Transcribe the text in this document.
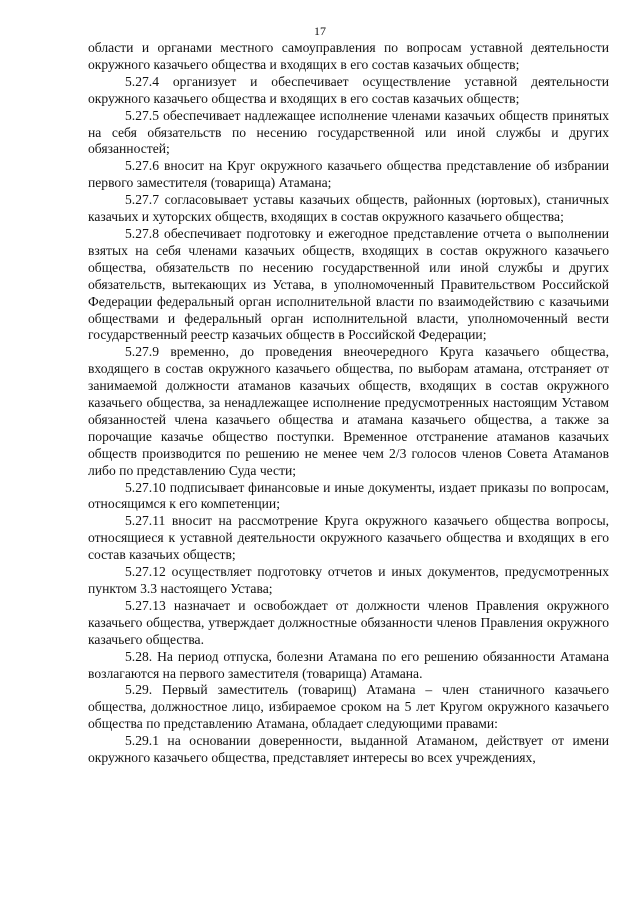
17

области и органами местного самоуправления по вопросам уставной деятельности окружного казачьего общества и входящих в его состав казачьих обществ;

5.27.4 организует и обеспечивает осуществление уставной деятельности окружного казачьего общества и входящих в его состав казачьих обществ;

5.27.5 обеспечивает надлежащее исполнение членами казачьих обществ принятых на себя обязательств по несению государственной или иной службы и других обязанностей;

5.27.6 вносит на Круг окружного казачьего общества представление об избрании первого заместителя (товарища) Атамана;

5.27.7 согласовывает уставы казачьих обществ, районных (юртовых), станичных казачьих и хуторских обществ, входящих в состав окружного казачьего общества;

5.27.8 обеспечивает подготовку и ежегодное представление отчета о выполнении взятых на себя членами казачьих обществ, входящих в состав окружного казачьего общества, обязательств по несению государственной или иной службы и других обязательств, вытекающих из Устава, в уполномоченный Правительством Российской Федерации федеральный орган исполнительной власти по взаимодействию с казачьими обществами и федеральный орган исполнительной власти, уполномоченный вести государственный реестр казачьих обществ в Российской Федерации;

5.27.9 временно, до проведения внеочередного Круга казачьего общества, входящего в состав окружного казачьего общества, по выборам атамана, отстраняет от занимаемой должности атаманов казачьих обществ, входящих в состав окружного казачьего общества, за ненадлежащее исполнение предусмотренных настоящим Уставом обязанностей члена казачьего общества и атамана казачьего общества, а также за порочащие казачье общество поступки. Временное отстранение атаманов казачьих обществ производится по решению не менее чем 2/3 голосов членов Совета Атаманов либо по представлению Суда чести;

5.27.10 подписывает финансовые и иные документы, издает приказы по вопросам, относящимся к его компетенции;

5.27.11 вносит на рассмотрение Круга окружного казачьего общества вопросы, относящиеся к уставной деятельности окружного казачьего общества и входящих в его состав казачьих обществ;

5.27.12 осуществляет подготовку отчетов и иных документов, предусмотренных пунктом 3.3 настоящего Устава;

5.27.13 назначает и освобождает от должности членов Правления окружного казачьего общества, утверждает должностные обязанности членов Правления окружного казачьего общества.

5.28. На период отпуска, болезни Атамана по его решению обязанности Атамана возлагаются на первого заместителя (товарища) Атамана.

5.29. Первый заместитель (товарищ) Атамана – член станичного казачьего общества, должностное лицо, избираемое сроком на 5 лет Кругом окружного казачьего общества по представлению Атамана, обладает следующими правами:

5.29.1 на основании доверенности, выданной Атаманом, действует от имени окружного казачьего общества, представляет интересы во всех учреждениях,
